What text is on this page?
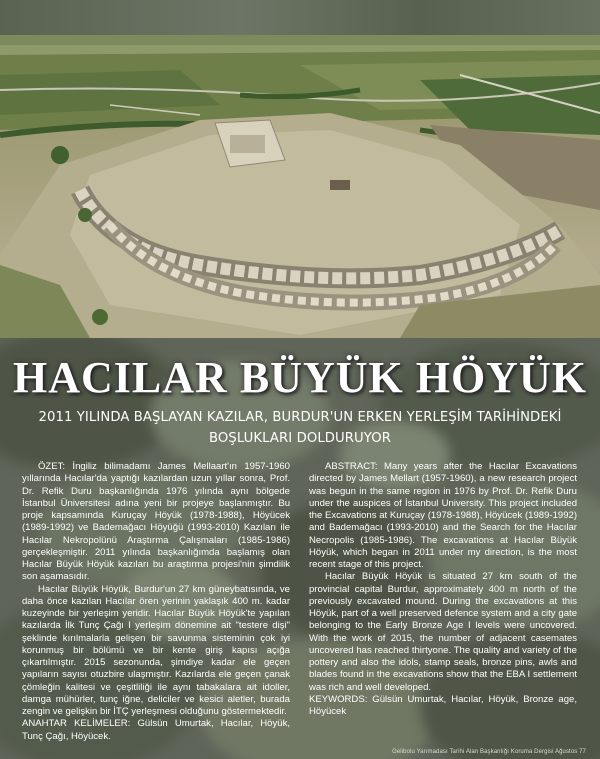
HACILAR BÜYÜK HÖYÜK
2011 YILINDA BAŞLAYAN KAZILAR, BURDUR'UN ERKEN YERLEŞİM TARİHİNDEKİ
BOŞLUKLARI DOLDURUYOR

ÖZET: İngiliz bilimadamı James Mellaart'ın 1957-1960 yıllarında Hacılar'da yaptığı kazılardan uzun yıllar sonra, Prof. Dr. Refik Duru başkanlığında 1976 yılında aynı bölgede İstanbul Üniversitesi adına yeni bir projeye başlanmıştır. Bu proje kapsamında Kuruçay Höyük (1978-1988), Höyücek (1989-1992) ve Bademağacı Höyüğü (1993-2010) Kazıları ile Hacılar Nekropolünü Araştırma Çalışmaları (1985-1986) gerçekleşmiştir. 2011 yılında başkanlığımda başlamış olan Hacılar Büyük Höyük kazıları bu araştırma projesi'nin şimdilik son aşamasıdır.

Hacılar Büyük Höyük, Burdur'un 27 km güneybatısında, ve daha önce kazılan Hacılar ören yerinin yaklaşık 400 m. kadar kuzeyinde bir yerleşim yeridir. Hacılar Büyük Höyük'te yapılan kazılarda İlk Tunç Çağı I yerleşim dönemine ait "testere dişi" şeklinde kırılmalarla gelişen bir savunma sisteminin çok iyi korunmuş bir bölümü ve bir kente giriş kapısı açığa çıkartılmıştır. 2015 sezonunda, şimdiye kadar ele geçen yapıların sayısı otuzbire ulaşmıştır. Kazılarda ele geçen çanak çömleğin kalitesi ve çeşitliliği ile aynı tabakalara ait idoller, damga mühürler, tunç iğne, deliciler ve kesici aletler, burada zengin ve gelişkin bir İTÇ yerleşmesi olduğunu göstermektedir.

ANAHTAR KELİMELER: Gülsün Umurtak, Hacılar, Höyük, Tunç Çağı, Höyücek.

ABSTRACT: Many years after the Hacılar Excavations directed by James Mellart (1957-1960), a new research project was begun in the same region in 1976 by Prof. Dr. Refik Duru under the auspices of İstanbul University. This project included the Excavations at Kuruçay (1978-1988), Höyücek (1989-1992) and Bademağacı (1993-2010) and the Search for the Hacılar Necropolis (1985-1986). The excavations at Hacılar Büyük Höyük, which began in 2011 under my direction, is the most recent stage of this project.

Hacılar Büyük Höyük is situated 27 km south of the provincial capital Burdur, approximately 400 m north of the previously excavated mound. During the excavations at this Höyük, part of a well preserved defence system and a city gate belonging to the Early Bronze Age I levels were uncovered. With the work of 2015, the number of adjacent casemates uncovered has reached thirtyone. The quality and variety of the pottery and also the idols, stamp seals, bronze pins, awls and blades found in the excavations show that the EBA I settlement was rich and well developed.

KEYWORDS: Gülsün Umurtak, Hacılar, Höyük, Bronze age, Höyücek

Gelibolu Yarımadası Tarihi Alan Başkanlığı Koruma Dergisi Ağustos 77
